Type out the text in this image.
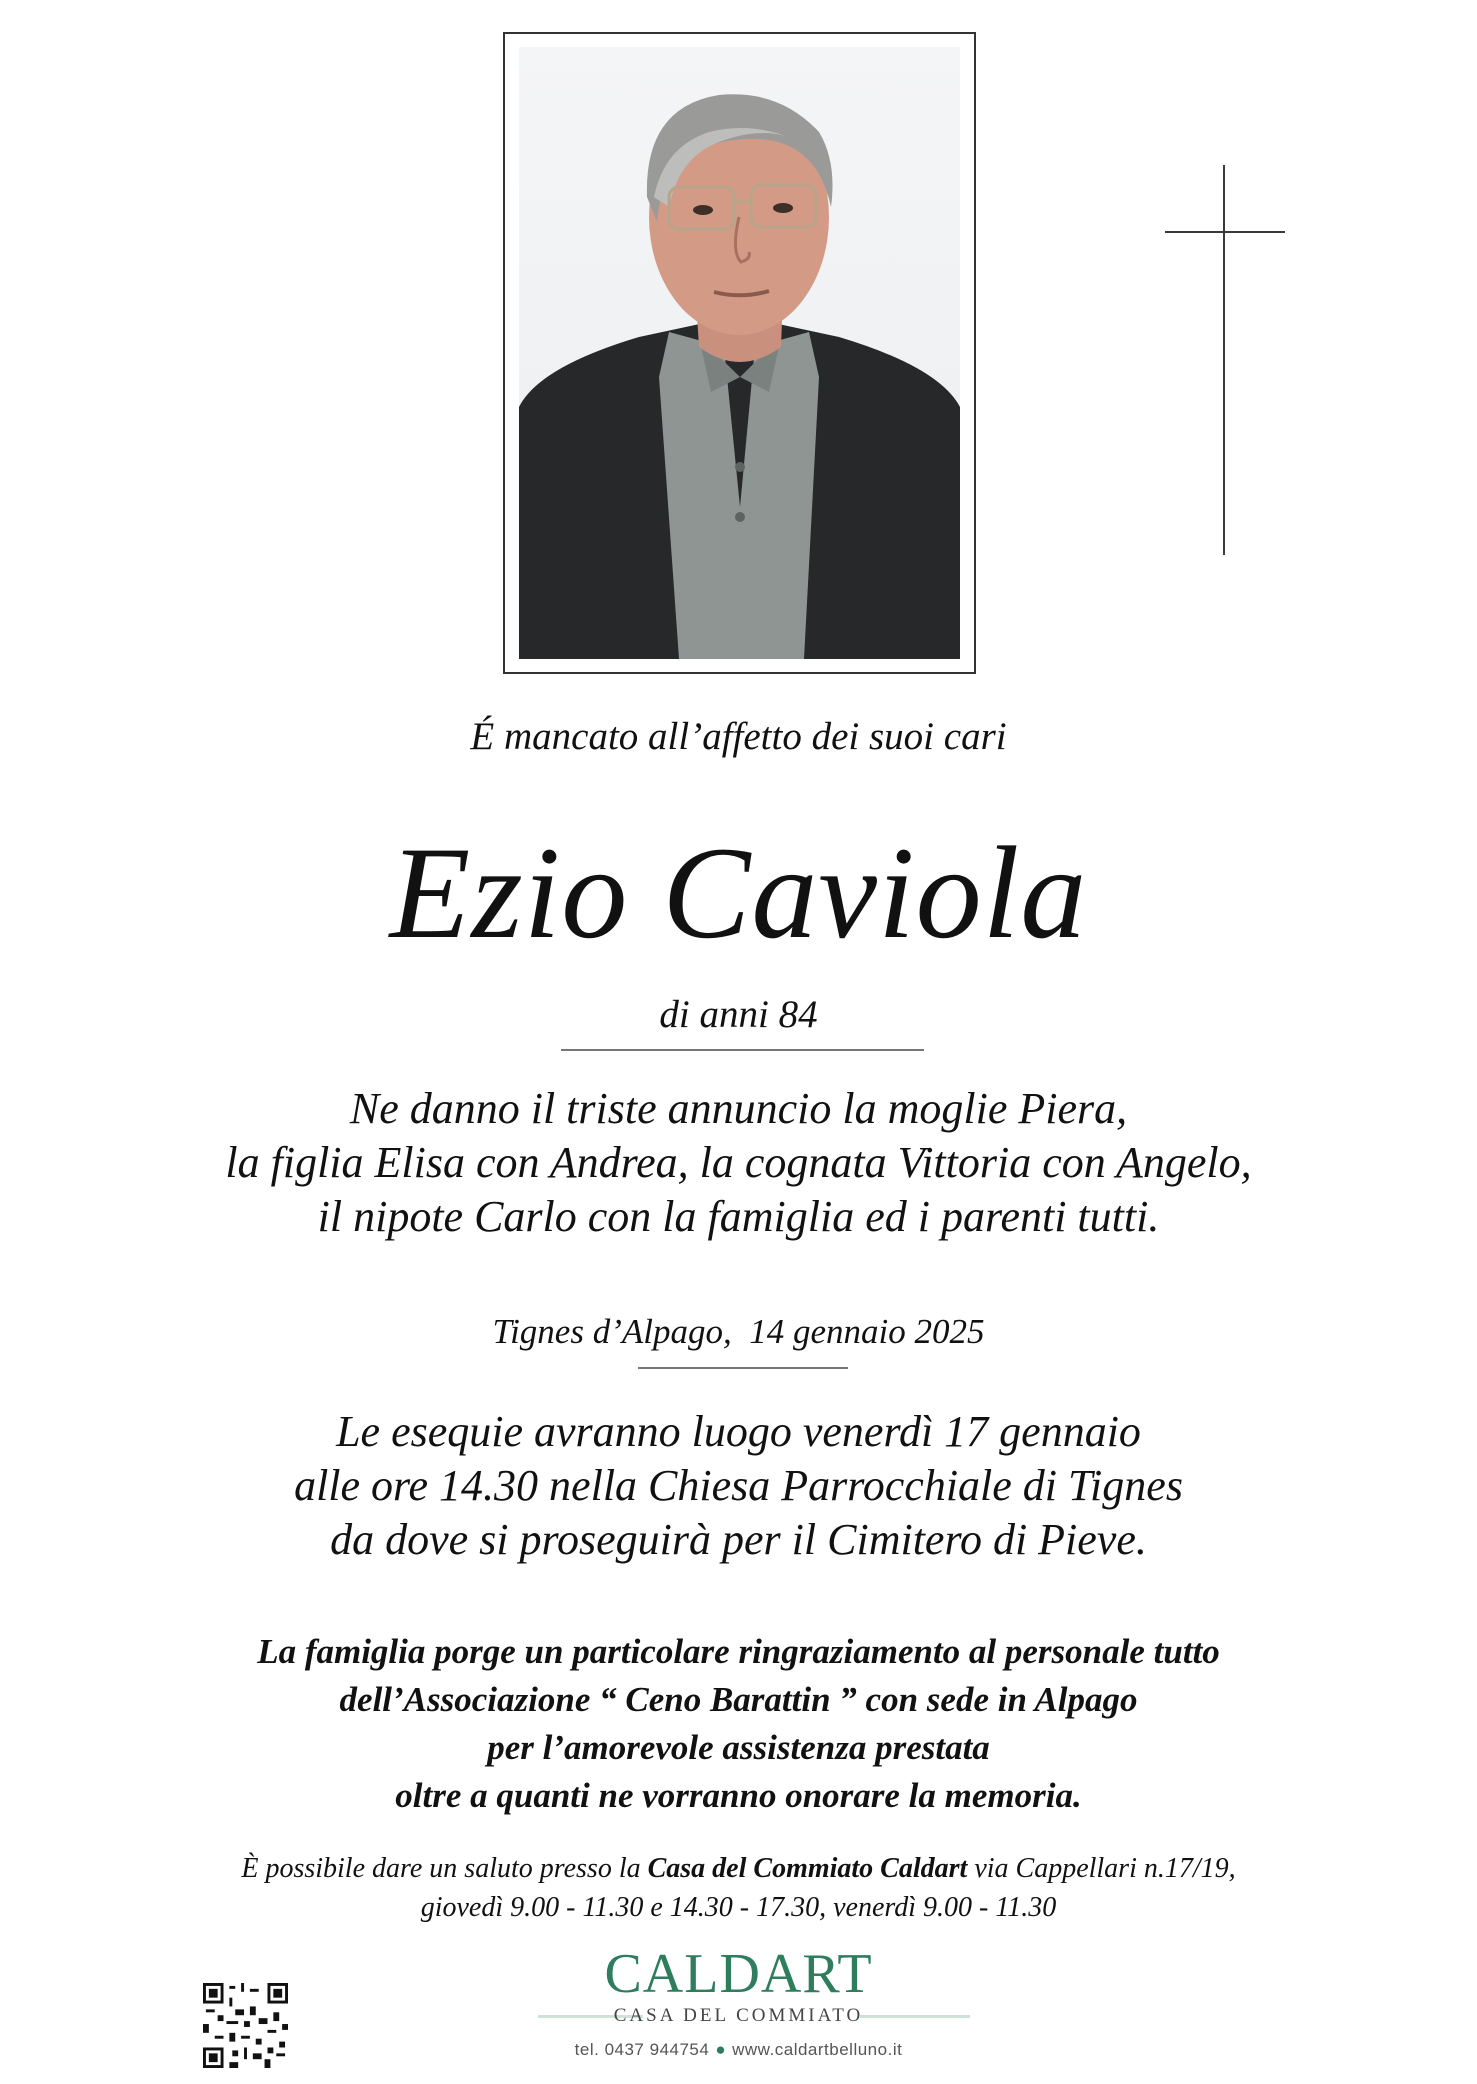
É mancato all’affetto dei suoi cari
Ezio Caviola
di anni 84
Ne danno il triste annuncio la moglie Piera,
la figlia Elisa con Andrea, la cognata Vittoria con Angelo,
il nipote Carlo con la famiglia ed i parenti tutti.
Tignes d’Alpago,  14 gennaio 2025
Le esequie avranno luogo venerdì 17 gennaio
alle ore 14.30 nella Chiesa Parrocchiale di Tignes
da dove si proseguirà per il Cimitero di Pieve.
La famiglia porge un particolare ringraziamento al personale tutto
dell’Associazione “ Ceno Barattin ” con sede in Alpago
per l’amorevole assistenza prestata
oltre a quanti ne vorranno onorare la memoria.
È possibile dare un saluto presso la Casa del Commiato Caldart via Cappellari n.17/19,
giovedì 9.00 - 11.30 e 14.30 - 17.30, venerdì 9.00 - 11.30
CALDART
CASA DEL COMMIATO
tel. 0437 944754 ● www.caldartbelluno.it
